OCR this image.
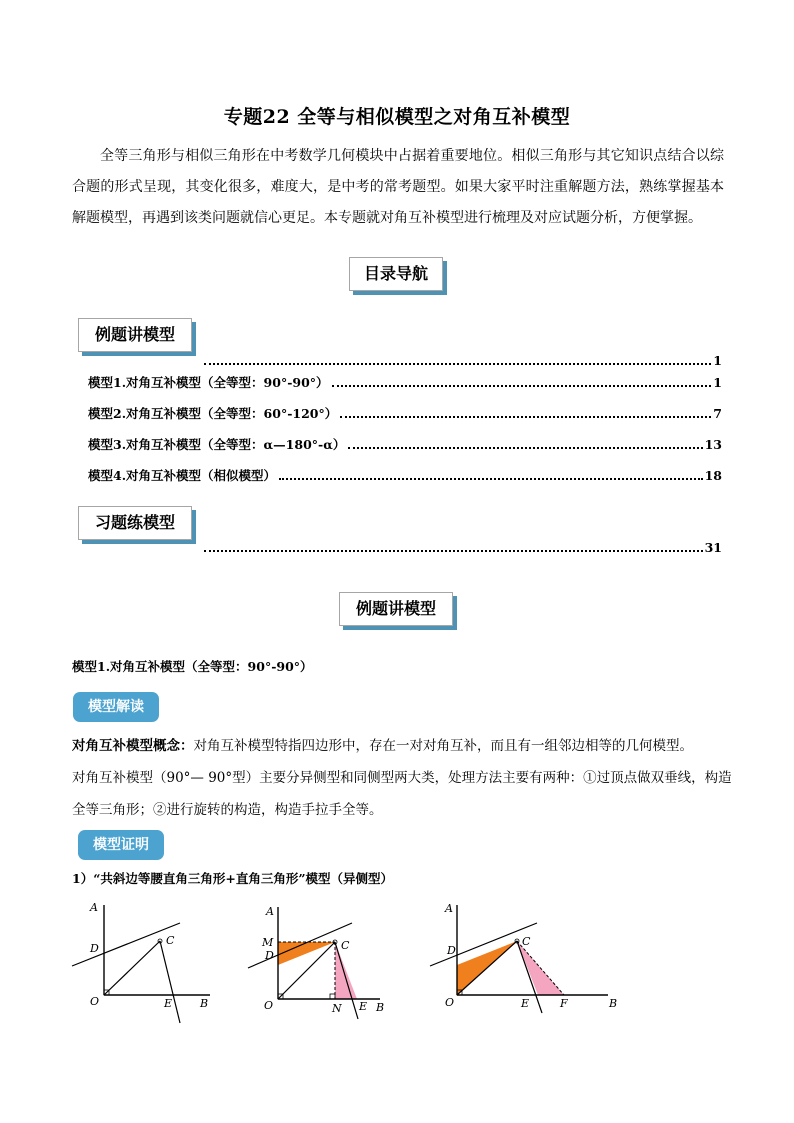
专题22 全等与相似模型之对角互补模型
全等三角形与相似三角形在中考数学几何模块中占据着重要地位。相似三角形与其它知识点结合以综合题的形式呈现，其变化很多，难度大，是中考的常考题型。如果大家平时注重解题方法，熟练掌握基本解题模型，再遇到该类问题就信心更足。本专题就对角互补模型进行梳理及对应试题分析，方便掌握。
目录导航
例题讲模型
1
模型1.对角互补模型（全等型：90°-90°）	1
模型2.对角互补模型（全等型：60°-120°）	7
模型3.对角互补模型（全等型：α—180°-α）	13
模型4.对角互补模型（相似模型）	18
习题练模型
31
例题讲模型
模型1.对角互补模型（全等型：90°-90°）
模型解读
对角互补模型概念：对角互补模型特指四边形中，存在一对对角互补，而且有一组邻边相等的几何模型。
对角互补模型（90°— 90°型）主要分异侧型和同侧型两大类，处理方法主要有两种：①过顶点做双垂线，构造全等三角形；②进行旋转的构造，构造手拉手全等。
模型证明
1）“共斜边等腰直角三角形+直角三角形”模型（异侧型）
A
D
C
O	E	B
A
M
D
C
O	N E B
A
D
C
O	E	F	B
